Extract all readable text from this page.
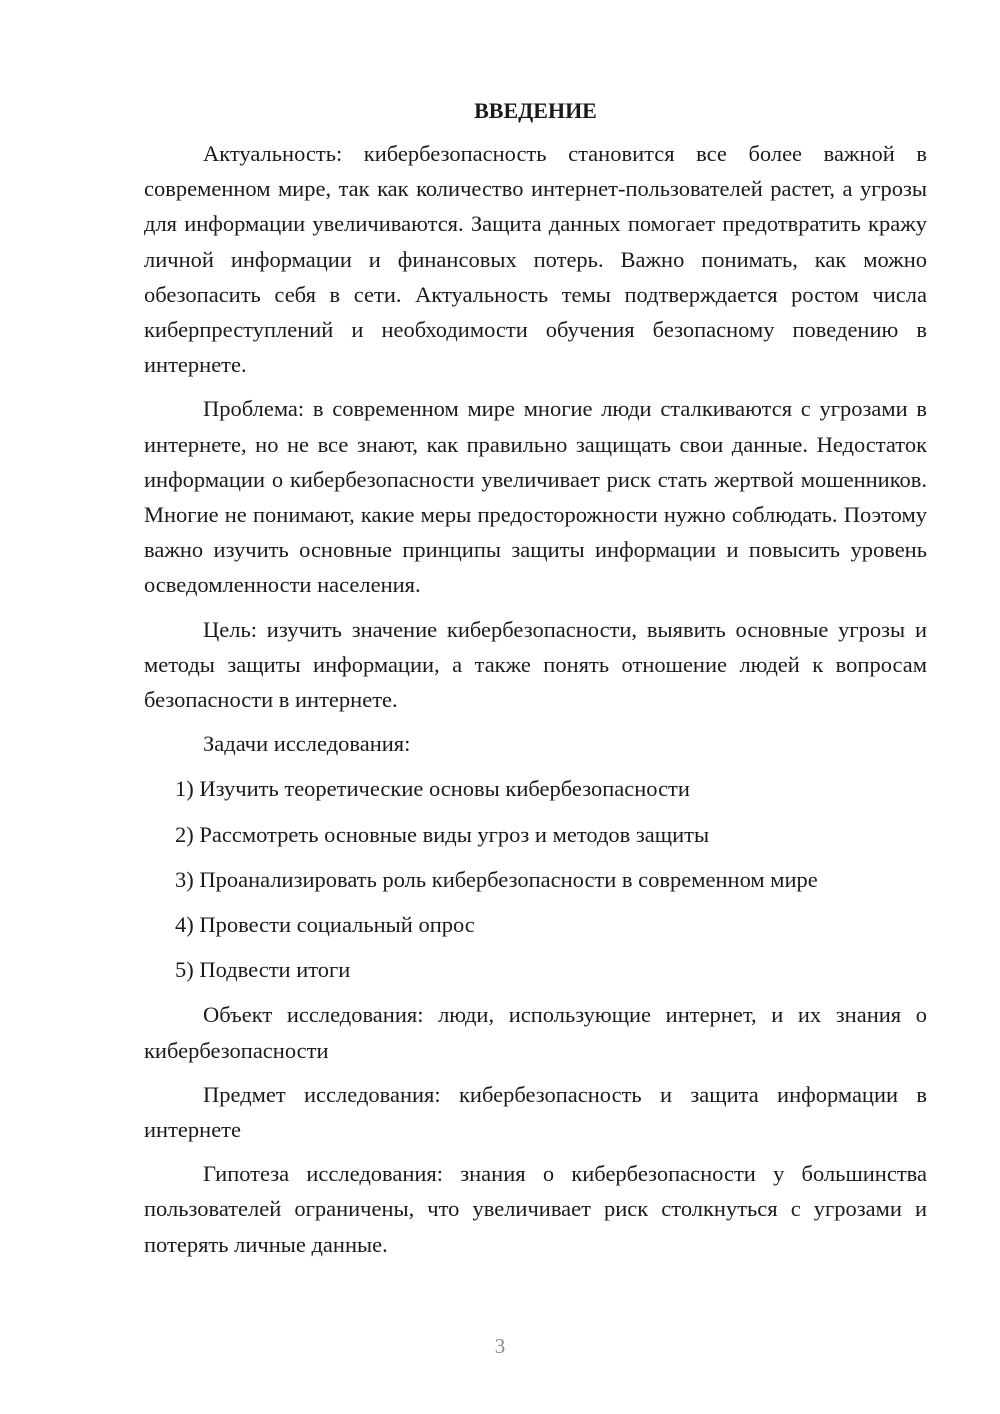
ВВЕДЕНИЕ

Актуальность: кибербезопасность становится все более важной в современном мире, так как количество интернет-пользователей растет, а угрозы для информации увеличиваются. Защита данных помогает предотвратить кражу личной информации и финансовых потерь. Важно понимать, как можно обезопасить себя в сети. Актуальность темы подтверждается ростом числа киберпреступлений и необходимости обучения безопасному поведению в интернете.

Проблема: в современном мире многие люди сталкиваются с угрозами в интернете, но не все знают, как правильно защищать свои данные. Недостаток информации о кибербезопасности увеличивает риск стать жертвой мошенников. Многие не понимают, какие меры предосторожности нужно соблюдать. Поэтому важно изучить основные принципы защиты информации и повысить уровень осведомленности населения.

Цель: изучить значение кибербезопасности, выявить основные угрозы и методы защиты информации, а также понять отношение людей к вопросам безопасности в интернете.

Задачи исследования:
1) Изучить теоретические основы кибербезопасности
2) Рассмотреть основные виды угроз и методов защиты
3) Проанализировать роль кибербезопасности в современном мире
4) Провести социальный опрос
5) Подвести итоги

Объект исследования: люди, использующие интернет, и их знания о кибербезопасности

Предмет исследования: кибербезопасность и защита информации в интернете

Гипотеза исследования: знания о кибербезопасности у большинства пользователей ограничены, что увеличивает риск столкнуться с угрозами и потерять личные данные.

3
